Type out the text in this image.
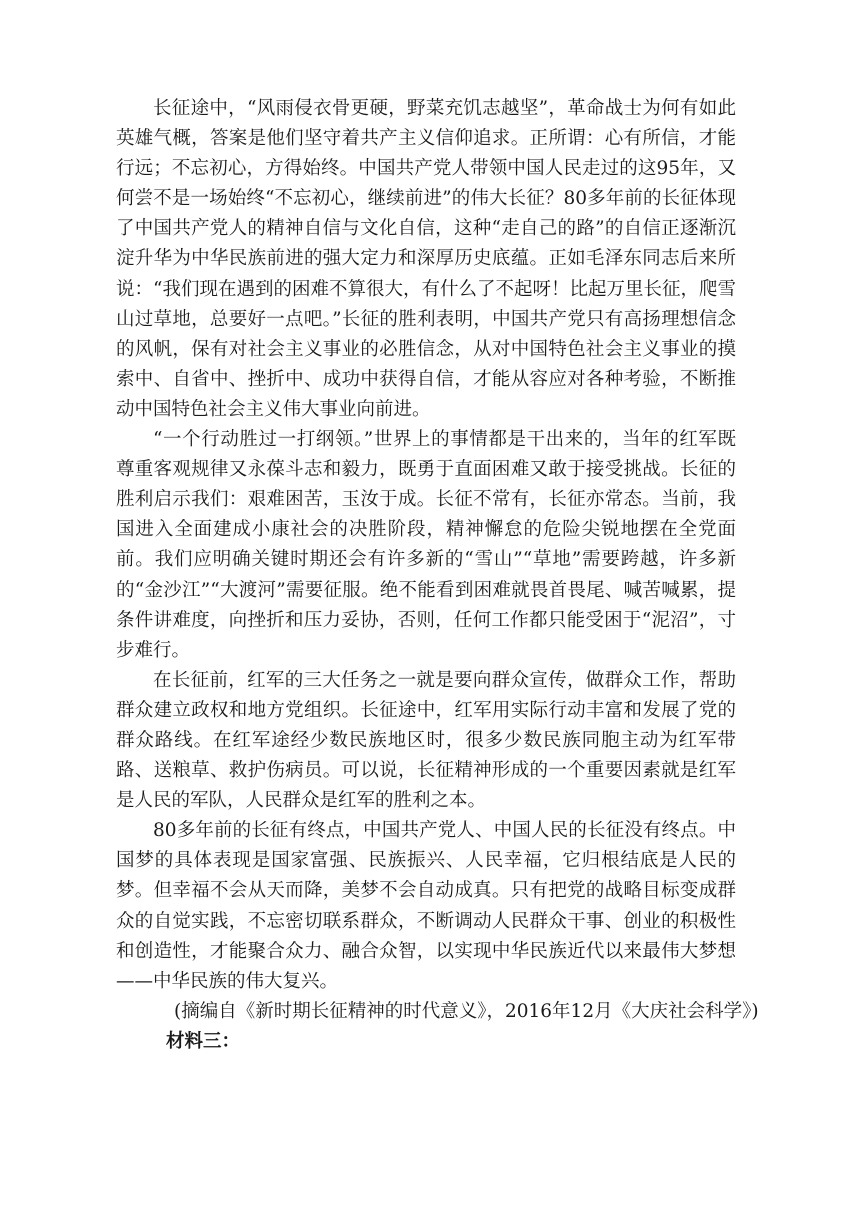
长征途中，“风雨侵衣骨更硬，野菜充饥志越坚”，革命战士为何有如此英雄气概，答案是他们坚守着共产主义信仰追求。正所谓：心有所信，才能行远；不忘初心，方得始终。中国共产党人带领中国人民走过的这95年，又何尝不是一场始终“不忘初心，继续前进”的伟大长征？80多年前的长征体现了中国共产党人的精神自信与文化自信，这种“走自己的路”的自信正逐渐沉淀升华为中华民族前进的强大定力和深厚历史底蕴。正如毛泽东同志后来所说：“我们现在遇到的困难不算很大，有什么了不起呀！比起万里长征，爬雪山过草地，总要好一点吧。”长征的胜利表明，中国共产党只有高扬理想信念的风帆，保有对社会主义事业的必胜信念，从对中国特色社会主义事业的摸索中、自省中、挫折中、成功中获得自信，才能从容应对各种考验，不断推动中国特色社会主义伟大事业向前进。

“一个行动胜过一打纲领。”世界上的事情都是干出来的，当年的红军既尊重客观规律又永葆斗志和毅力，既勇于直面困难又敢于接受挑战。长征的胜利启示我们：艰难困苦，玉汝于成。长征不常有，长征亦常态。当前，我国进入全面建成小康社会的决胜阶段，精神懈怠的危险尖锐地摆在全党面前。我们应明确关键时期还会有许多新的“雪山”“草地”需要跨越，许多新的“金沙江”“大渡河”需要征服。绝不能看到困难就畏首畏尾、喊苦喊累，提条件讲难度，向挫折和压力妥协，否则，任何工作都只能受困于“泥沼”，寸步难行。

在长征前，红军的三大任务之一就是要向群众宣传，做群众工作，帮助群众建立政权和地方党组织。长征途中，红军用实际行动丰富和发展了党的群众路线。在红军途经少数民族地区时，很多少数民族同胞主动为红军带路、送粮草、救护伤病员。可以说，长征精神形成的一个重要因素就是红军是人民的军队，人民群众是红军的胜利之本。

80多年前的长征有终点，中国共产党人、中国人民的长征没有终点。中国梦的具体表现是国家富强、民族振兴、人民幸福，它归根结底是人民的梦。但幸福不会从天而降，美梦不会自动成真。只有把党的战略目标变成群众的自觉实践，不忘密切联系群众，不断调动人民群众干事、创业的积极性和创造性，才能聚合众力、融合众智，以实现中华民族近代以来最伟大梦想——中华民族的伟大复兴。

(摘编自《新时期长征精神的时代意义》，2016年12月《大庆社会科学》)

材料三：
